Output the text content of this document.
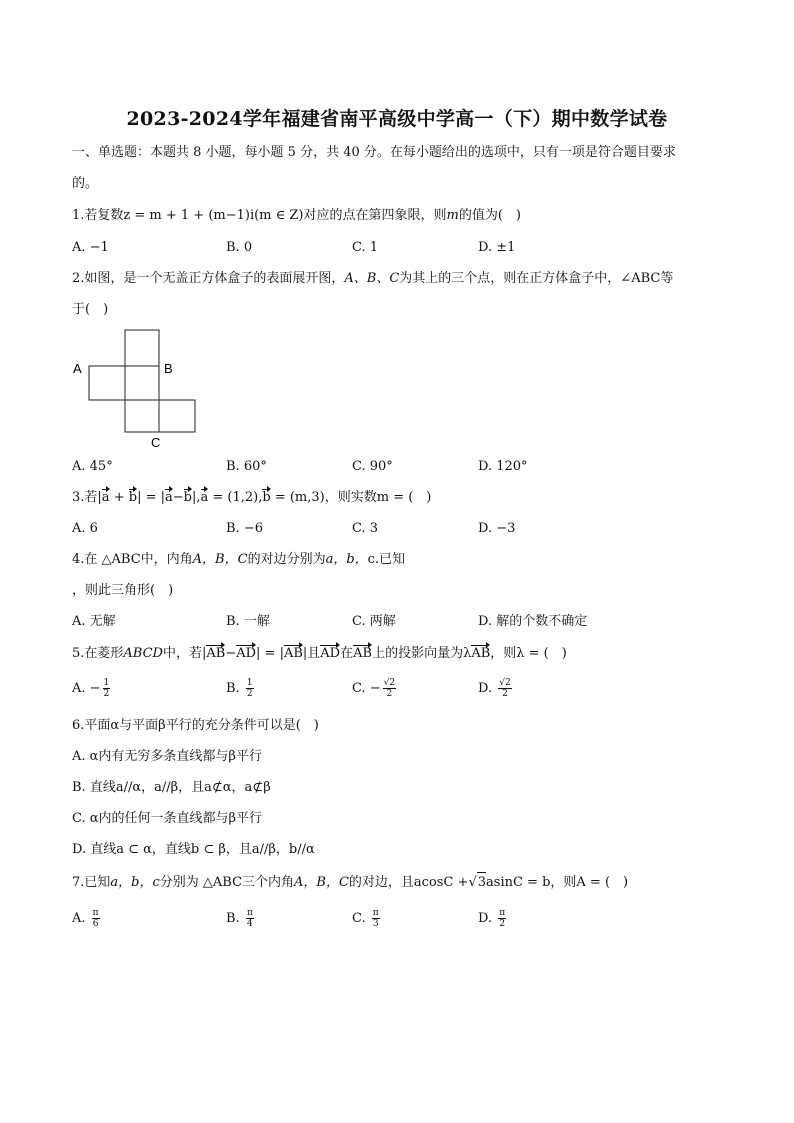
2023-2024学年福建省南平高级中学高一（下）期中数学试卷
一、单选题：本题共 8 小题，每小题 5 分，共 40 分。在每小题给出的选项中，只有一项是符合题目要求
的。
1.若复数z = m + 1 + (m−1)i(m ∈ Z)对应的点在第四象限，则m的值为(　)
A. −1	B. 0	C. 1	D. ±1
2.如图，是一个无盖正方体盒子的表面展开图，A、B、C为其上的三个点，则在正方体盒子中，∠ABC等
于(　)
A	B
C
A. 45°	B. 60°	C. 90°	D. 120°
3.若|a + b| = |a−b|,a = (1,2),b = (m,3)，则实数m = (　)
A. 6	B. −6	C. 3	D. −3
4.在 △ABC中，内角A，B，C的对边分别为a，b，c.已知
，则此三角形(　)
A. 无解	B. 一解	C. 两解	D. 解的个数不确定
5.在菱形ABCD中，若|AB−AD| = |AB|且AD在AB上的投影向量为λAB，则λ = (　)
A. − $\frac{1}{2}$	B. $\frac{1}{2}$	C. − $\frac{√2}{2}$	D. $\frac{√2}{2}$
6.平面α与平面β平行的充分条件可以是(　)
A. α内有无穷多条直线都与β平行
B. 直线a//α，a//β，且a⊄α，a⊄β
C. α内的任何一条直线都与β平行
D. 直线a ⊂ α，直线b ⊂ β，且a//β，b//α
7.已知a，b，c分别为 △ABC三个内角A，B，C的对边，且acosC +√3asinC = b，则A = (　)
A. $\frac{\pi}{6}$	B. $\frac{\pi}{4}$	C. $\frac{\pi}{3}$	D. $\frac{\pi}{2}$
